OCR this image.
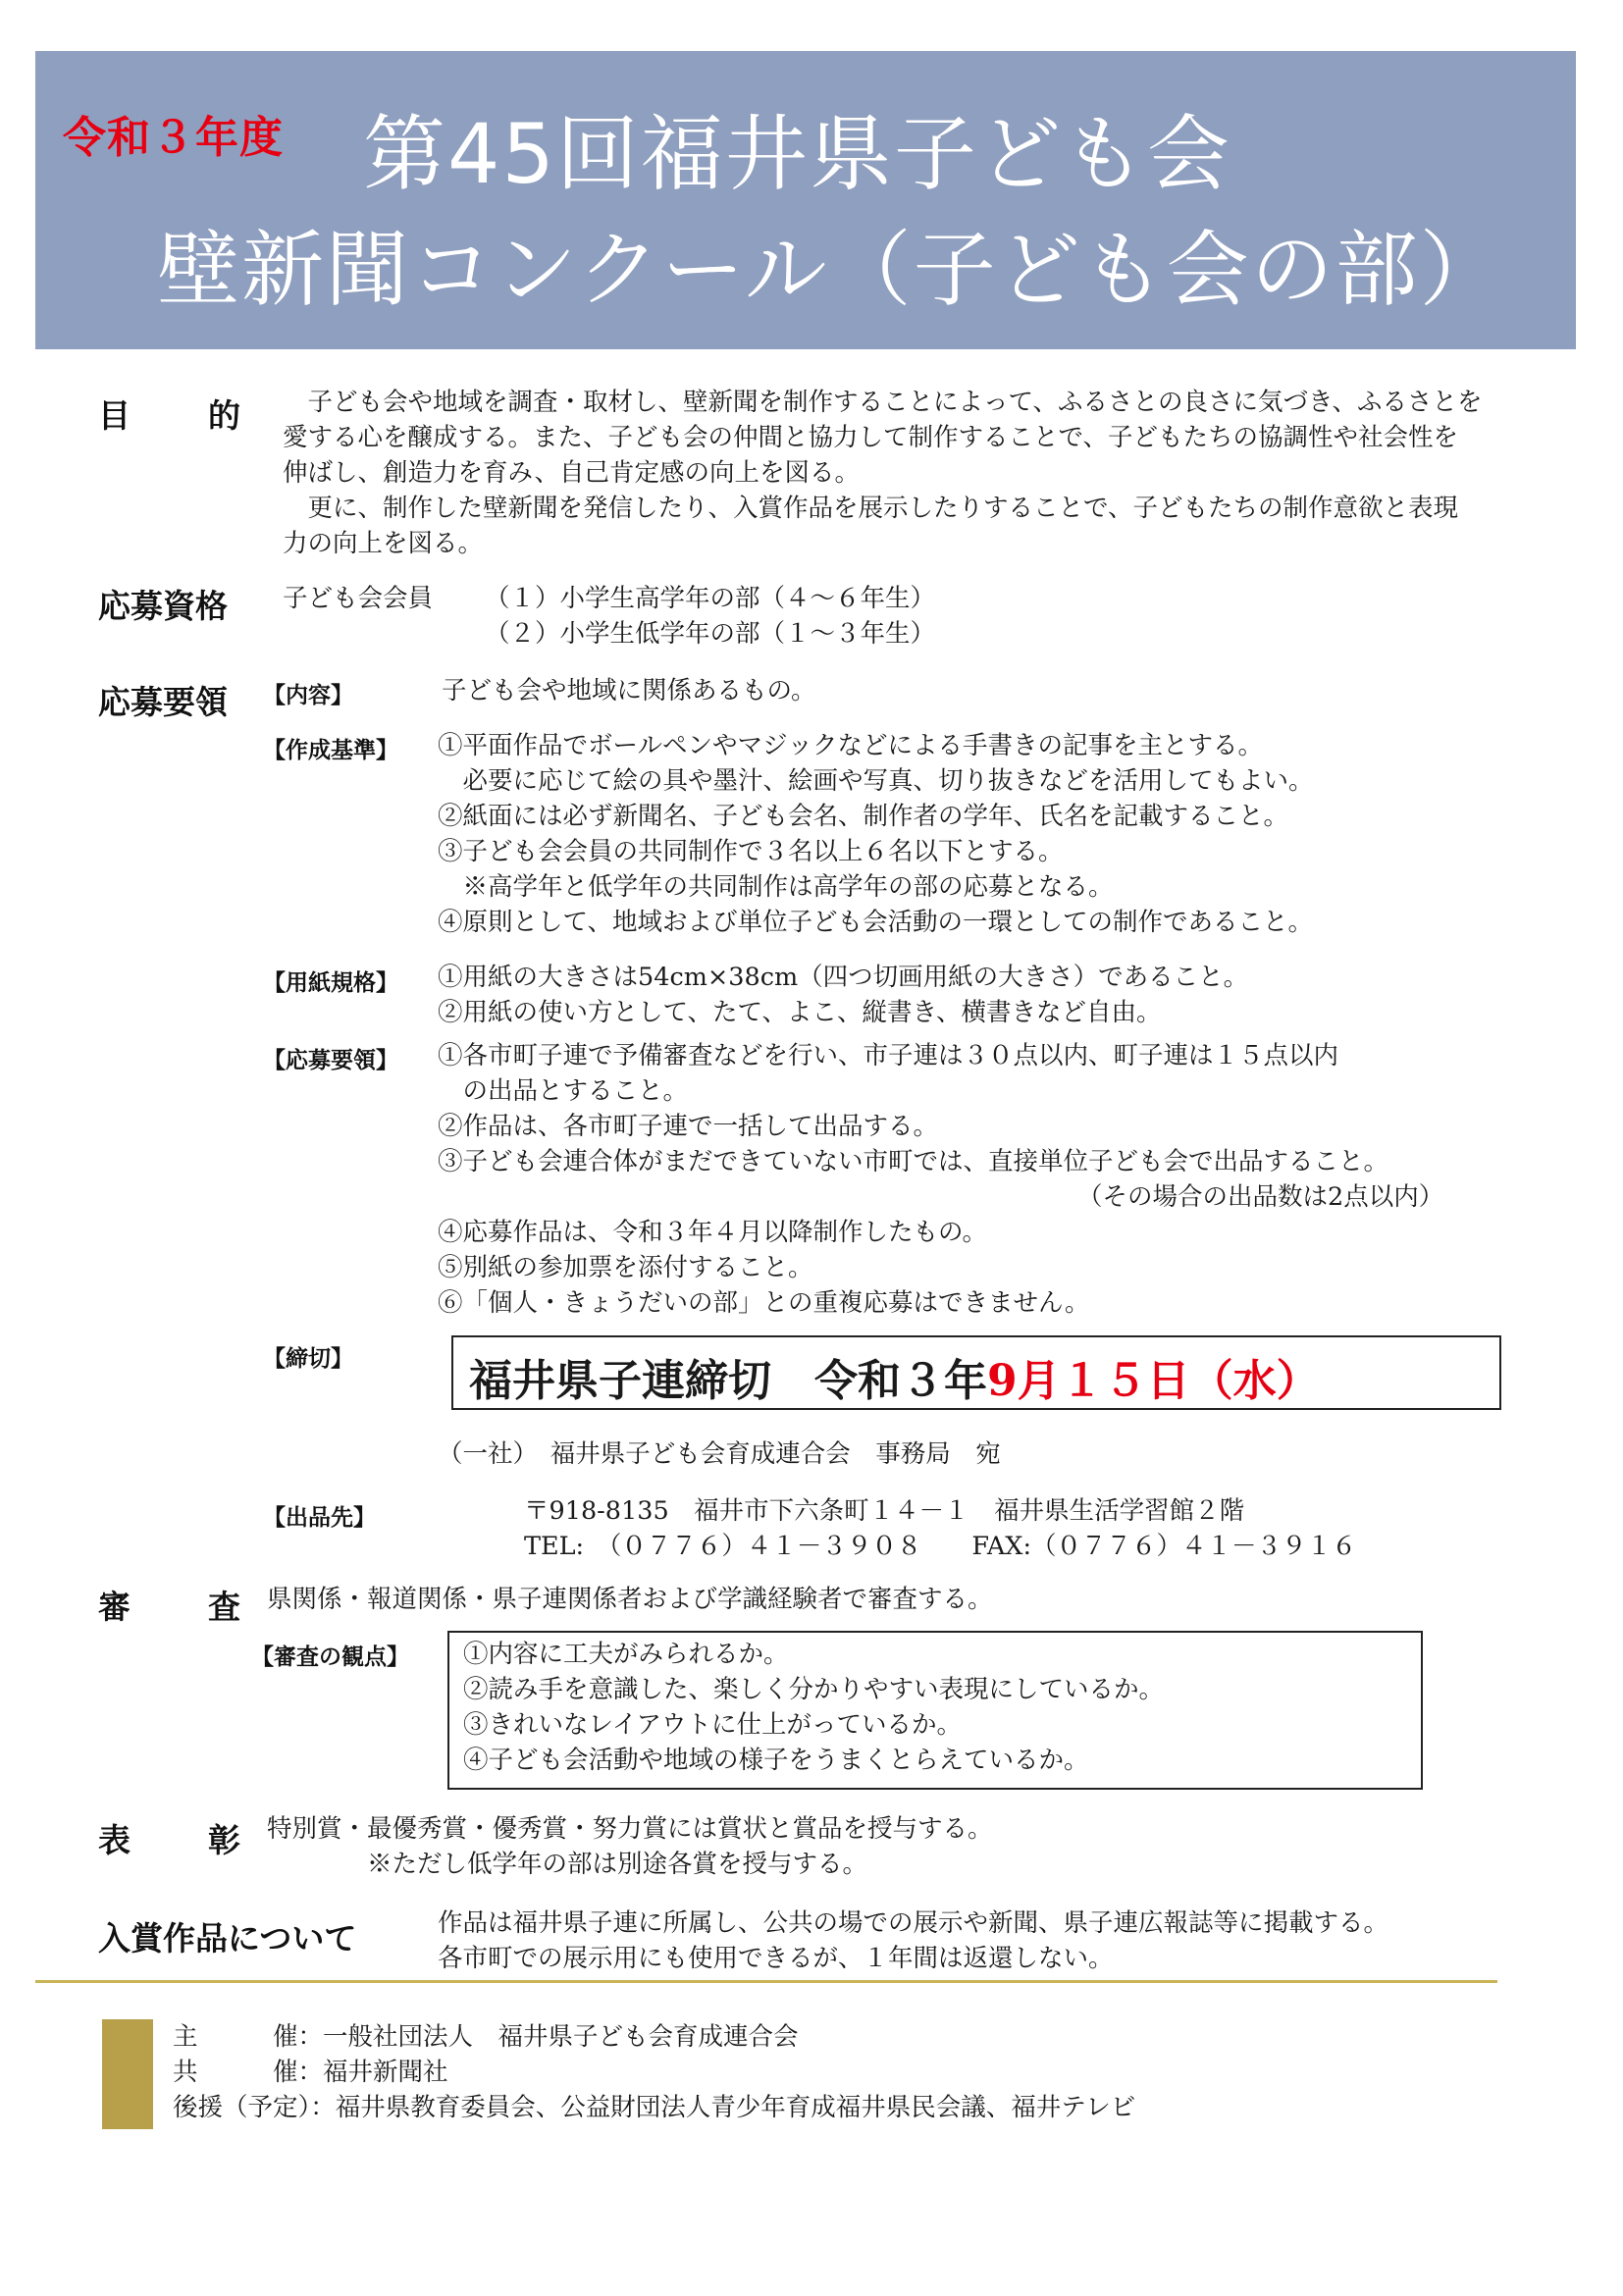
令和３年度 第45回福井県子ども会
壁新聞コンクール（子ども会の部）
目 的 　子ども会や地域を調査・取材し、壁新聞を制作することによって、ふるさとの良さに気づき、ふるさとを
愛する心を醸成する。また、子ども会の仲間と協力して制作することで、子どもたちの協調性や社会性を
伸ばし、創造力を育み、自己肯定感の向上を図る。
　更に、制作した壁新聞を発信したり、入賞作品を展示したりすることで、子どもたちの制作意欲と表現
力の向上を図る。
応募資格 子ども会会員 （１）小学生高学年の部（４～６年生）
（２）小学生低学年の部（１～３年生）
応募要領 【内容】	子ども会や地域に関係あるもの。
【作成基準】 ①平面作品でボールペンやマジックなどによる手書きの記事を主とする。
　必要に応じて絵の具や墨汁、絵画や写真、切り抜きなどを活用してもよい。
②紙面には必ず新聞名、子ども会名、制作者の学年、氏名を記載すること。
③子ども会会員の共同制作で３名以上６名以下とする。
　※高学年と低学年の共同制作は高学年の部の応募となる。
④原則として、地域および単位子ども会活動の一環としての制作であること。
【用紙規格】 ①用紙の大きさは54cm×38cm（四つ切画用紙の大きさ）であること。
②用紙の使い方として、たて、よこ、縦書き、横書きなど自由。
【応募要領】 ①各市町子連で予備審査などを行い、市子連は３０点以内、町子連は１５点以内
　の出品とすること。
②作品は、各市町子連で一括して出品する。
③子ども会連合体がまだできていない市町では、直接単位子ども会で出品すること。
（その場合の出品数は2点以内）
④応募作品は、令和３年４月以降制作したもの。
⑤別紙の参加票を添付すること。
⑥「個人・きょうだいの部」との重複応募はできません。
【締切】	福井県子連締切　令和３年9月１５日（水）
（一社）　福井県子ども会育成連合会　事務局　宛
【出品先】	〒918-8135　福井市下六条町１４－１　福井県生活学習館２階
TEL:　（０７７６）４１－３９０８　　FAX:（０７７６）４１－３９１６
審 査 県関係・報道関係・県子連関係者および学識経験者で審査する。
【審査の観点】 ①内容に工夫がみられるか。
②読み手を意識した、楽しく分かりやすい表現にしているか。
③きれいなレイアウトに仕上がっているか。
④子ども会活動や地域の様子をうまくとらえているか。
表 彰 特別賞・最優秀賞・優秀賞・努力賞には賞状と賞品を授与する。
　　　　※ただし低学年の部は別途各賞を授与する。
入賞作品について	作品は福井県子連に所属し、公共の場での展示や新聞、県子連広報誌等に掲載する。
各市町での展示用にも使用できるが、１年間は返還しない。
主　　　催：一般社団法人　福井県子ども会育成連合会
共　　　催：福井新聞社
後援（予定）：福井県教育委員会、公益財団法人青少年育成福井県民会議、福井テレビ
